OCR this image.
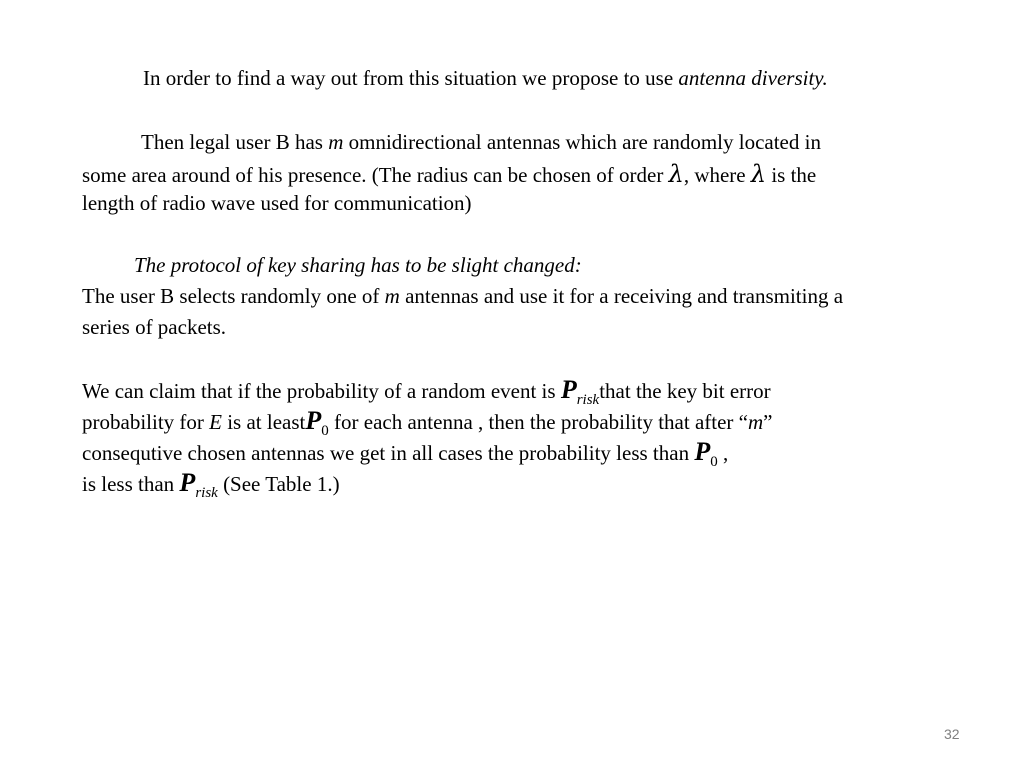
In order to find a way out from this situation we propose to use antenna diversity.
Then legal user B has m omnidirectional antennas which are randomly located in
some area around of his presence. (The radius can be chosen of order λ, where λ is the
length of radio wave used for communication)
The protocol of key sharing has to be slight changed:
The user B selects randomly one of m antennas and use it for a receiving and transmiting a
series of packets.
We can claim that if the probability of a random event is $P_{risk}that$ the key bit error
probability for E is at leastP$_0$ for each antenna , then the probability that after “m”
consequtive chosen antennas we get in all cases the probability less than $P_0$ ,
is less than $P_{risk}$ (See Table 1.)
32
